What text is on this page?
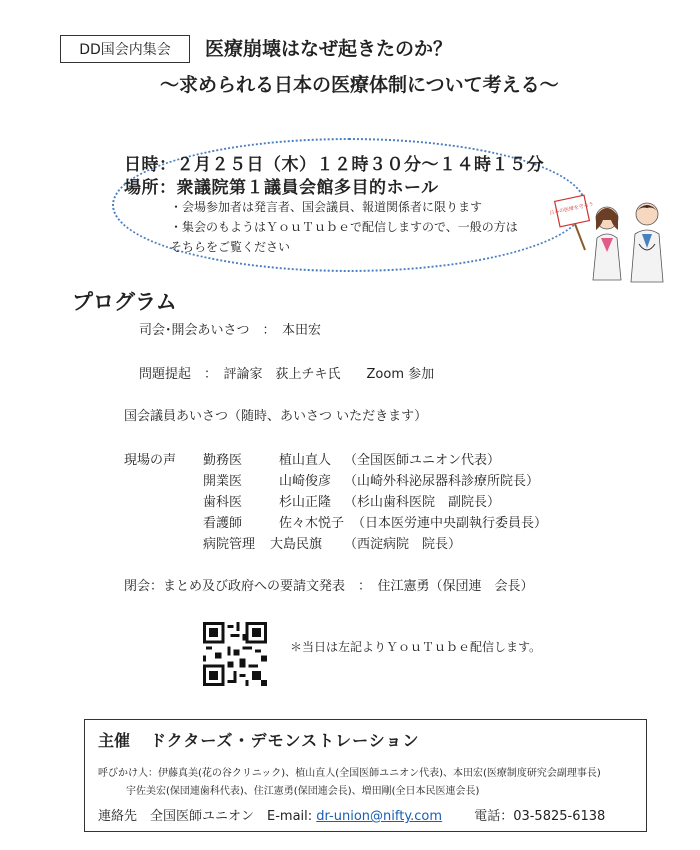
DD国会内集会	医療崩壊はなぜ起きたのか？
～求められる日本の医療体制について考える～
日時：２月２５日（木）１２時３０分～１４時１５分
場所：衆議院第１議員会館多目的ホール
・会場参加者は発言者、国会議員、報道関係者に限ります
・集会のもようはＹｏｕＴｕｂｅで配信しますので、一般の方は
そちらをご覧ください
日本の医療を守ろう
プログラム
司会･開会あいさつ　：　本田宏
問題提起　：　評論家　荻上チキ氏　　Zoom 参加
国会議員あいさつ（随時、あいさつ いただきます）
現場の声 勤務医	植山直人 （全国医師ユニオン代表）
開業医	山崎俊彦 （山崎外科泌尿器科診療所院長）
歯科医	杉山正隆 （杉山歯科医院　副院長）
看護師	佐々木悦子 （日本医労連中央副執行委員長）
病院管理 大島民旗 （西淀病院　院長）
閉会：まとめ及び政府への要請文発表　：　住江憲勇（保団連　会長）
＊当日は左記よりＹｏｕＴｕｂｅ配信します。
主催 ドクターズ・デモンストレーション
呼びかけ人：伊藤真美(花の谷クリニック)、植山直人(全国医師ユニオン代表)、本田宏(医療制度研究会副理事長)
宇佐美宏(保団連歯科代表)、住江憲勇(保団連会長)、増田剛(全日本民医連会長)
連絡先　全国医師ユニオン　E-mail: dr-union@nifty.com 電話：03-5825-6138
